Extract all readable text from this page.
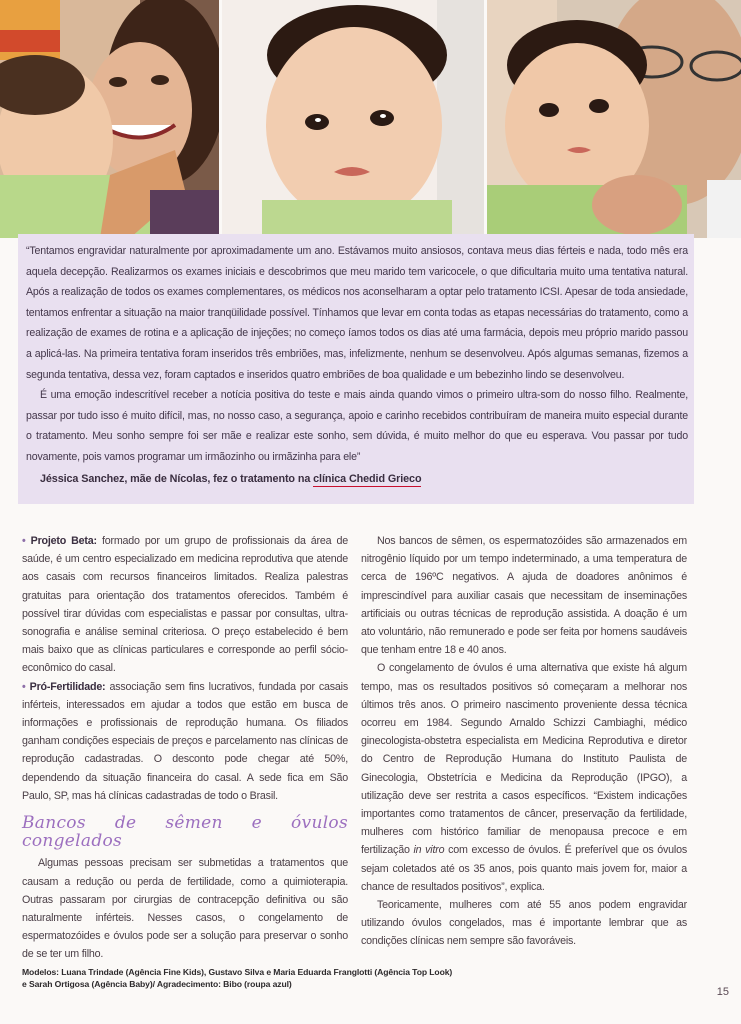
“Tentamos engravidar naturalmente por aproximadamente um ano. Estávamos muito ansiosos, contava meus dias férteis e nada, todo mês era aquela decepção. Realizarmos os exames iniciais e descobrimos que meu marido tem varicocele, o que dificultaria muito uma tentativa natural. Após a realização de todos os exames complementares, os médicos nos aconselharam a optar pelo tratamento ICSI. Apesar de toda ansiedade, tentamos enfrentar a situação na maior tranqüilidade possível. Tínhamos que levar em conta todas as etapas necessárias do tratamento, como a realização de exames de rotina e a aplicação de injeções; no começo íamos todos os dias até uma farmácia, depois meu próprio marido passou a aplicá-las. Na primeira tentativa foram inseridos três embriões, mas, infelizmente, nenhum se desenvolveu. Após algumas semanas, fizemos a segunda tentativa, dessa vez, foram captados e inseridos quatro embriões de boa qualidade e um bebezinho lindo se desenvolveu.

É uma emoção indescritível receber a notícia positiva do teste e mais ainda quando vimos o primeiro ultra-som do nosso filho. Realmente, passar por tudo isso é muito difícil, mas, no nosso caso, a segurança, apoio e carinho recebidos contribuíram de maneira muito especial durante o tratamento. Meu sonho sempre foi ser mãe e realizar este sonho, sem dúvida, é muito melhor do que eu esperava. Vou passar por tudo novamente, pois vamos programar um irmãozinho ou irmãzinha para ele”

Jéssica Sanchez, mãe de Nícolas, fez o tratamento na clínica Chedid Grieco

• Projeto Beta: formado por um grupo de profissionais da área de saúde, é um centro especializado em medicina reprodutiva que atende aos casais com recursos financeiros limitados. Realiza palestras gratuitas para orientação dos tratamentos oferecidos. Também é possível tirar dúvidas com especialistas e passar por consultas, ultra-sonografia e análise seminal criteriosa. O preço estabelecido é bem mais baixo que as clínicas particulares e corresponde ao perfil sócio-econômico do casal.

• Pró-Fertilidade: associação sem fins lucrativos, fundada por casais inférteis, interessados em ajudar a todos que estão em busca de informações e profissionais de reprodução humana. Os filiados ganham condições especiais de preços e parcelamento nas clínicas de reprodução cadastradas. O desconto pode chegar até 50%, dependendo da situação financeira do casal. A sede fica em São Paulo, SP, mas há clínicas cadastradas de todo o Brasil.

Bancos de sêmen e óvulos congelados

Algumas pessoas precisam ser submetidas a tratamentos que causam a redução ou perda de fertilidade, como a quimioterapia. Outras passaram por cirurgias de contracepção definitiva ou são naturalmente inférteis. Nesses casos, o congelamento de espermatozóides e óvulos pode ser a solução para preservar o sonho de se ter um filho.

Nos bancos de sêmen, os espermatozóides são armazenados em nitrogênio líquido por um tempo indeterminado, a uma temperatura de cerca de 196ºC negativos. A ajuda de doadores anônimos é imprescindível para auxiliar casais que necessitam de inseminações artificiais ou outras técnicas de reprodução assistida. A doação é um ato voluntário, não remunerado e pode ser feita por homens saudáveis que tenham entre 18 e 40 anos.

O congelamento de óvulos é uma alternativa que existe há algum tempo, mas os resultados positivos só começaram a melhorar nos últimos três anos. O primeiro nascimento proveniente dessa técnica ocorreu em 1984. Segundo Arnaldo Schizzi Cambiaghi, médico ginecologista-obstetra especialista em Medicina Reprodutiva e diretor do Centro de Reprodução Humana do Instituto Paulista de Ginecologia, Obstetrícia e Medicina da Reprodução (IPGO), a utilização deve ser restrita a casos específicos. “Existem indicações importantes como tratamentos de câncer, preservação da fertilidade, mulheres com histórico familiar de menopausa precoce e em fertilização in vitro com excesso de óvulos. É preferível que os óvulos sejam coletados até os 35 anos, pois quanto mais jovem for, maior a chance de resultados positivos”, explica.

Teoricamente, mulheres com até 55 anos podem engravidar utilizando óvulos congelados, mas é importante lembrar que as condições clínicas nem sempre são favoráveis.

Modelos: Luana Trindade (Agência Fine Kids), Gustavo Silva e Maria Eduarda Franglotti (Agência Top Look)
e Sarah Ortigosa (Agência Baby)/ Agradecimento: Bibo (roupa azul)
15
